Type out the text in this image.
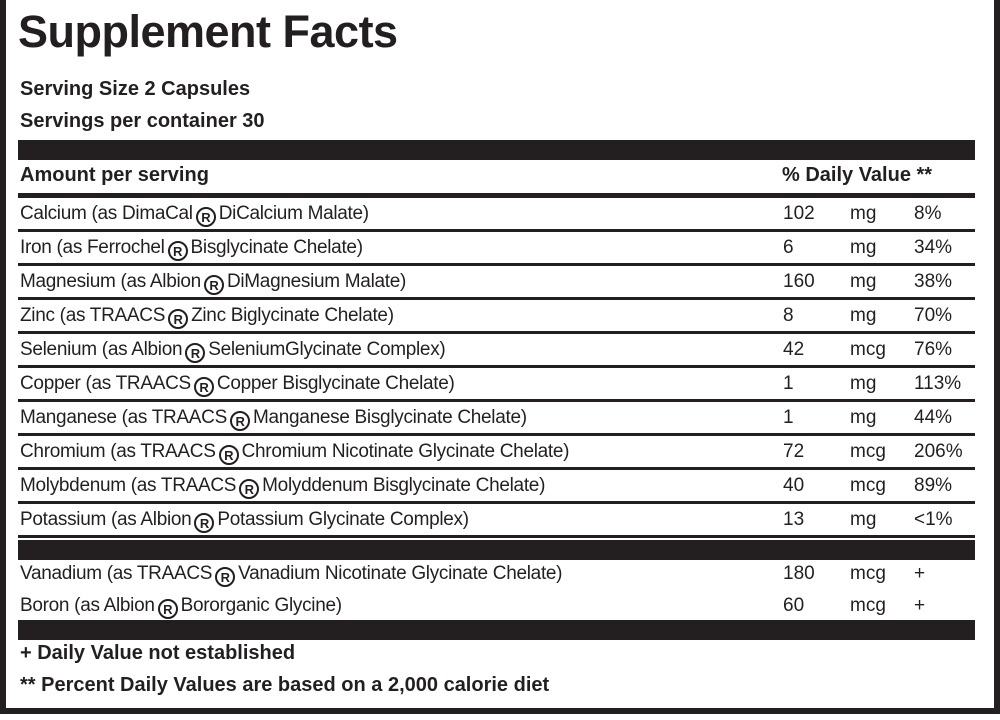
Supplement Facts
Serving Size 2 Capsules
Servings per container 30
Amount per serving	% Daily Value **
Calcium (as DimaCal R DiCalcium Malate)	102 mg 8%
Iron (as Ferrochel R Bisglycinate Chelate)	6	mg 34%
Magnesium (as Albion R DiMagnesium Malate)	160 mg 38%
Zinc (as TRAACS R Zinc Biglycinate Chelate)	8	mg 70%
Selenium (as Albion R SeleniumGlycinate Complex)	42 mcg 76%
Copper (as TRAACS R Copper Bisglycinate Chelate)	1	mg 113%
Manganese (as TRAACS R Manganese Bisglycinate Chelate)	1	mg 44%
Chromium (as TRAACS R Chromium Nicotinate Glycinate Chelate)	72 mcg 206%
Molybdenum (as TRAACS R Molyddenum Bisglycinate Chelate)	40 mcg 89%
Potassium (as Albion R Potassium Glycinate Complex)	13 mg <1%
Vanadium (as TRAACS R Vanadium Nicotinate Glycinate Chelate)	180 mcg +
Boron (as Albion R Bororganic Glycine)	60 mcg +
+ Daily Value not established
** Percent Daily Values are based on a 2,000 calorie diet
